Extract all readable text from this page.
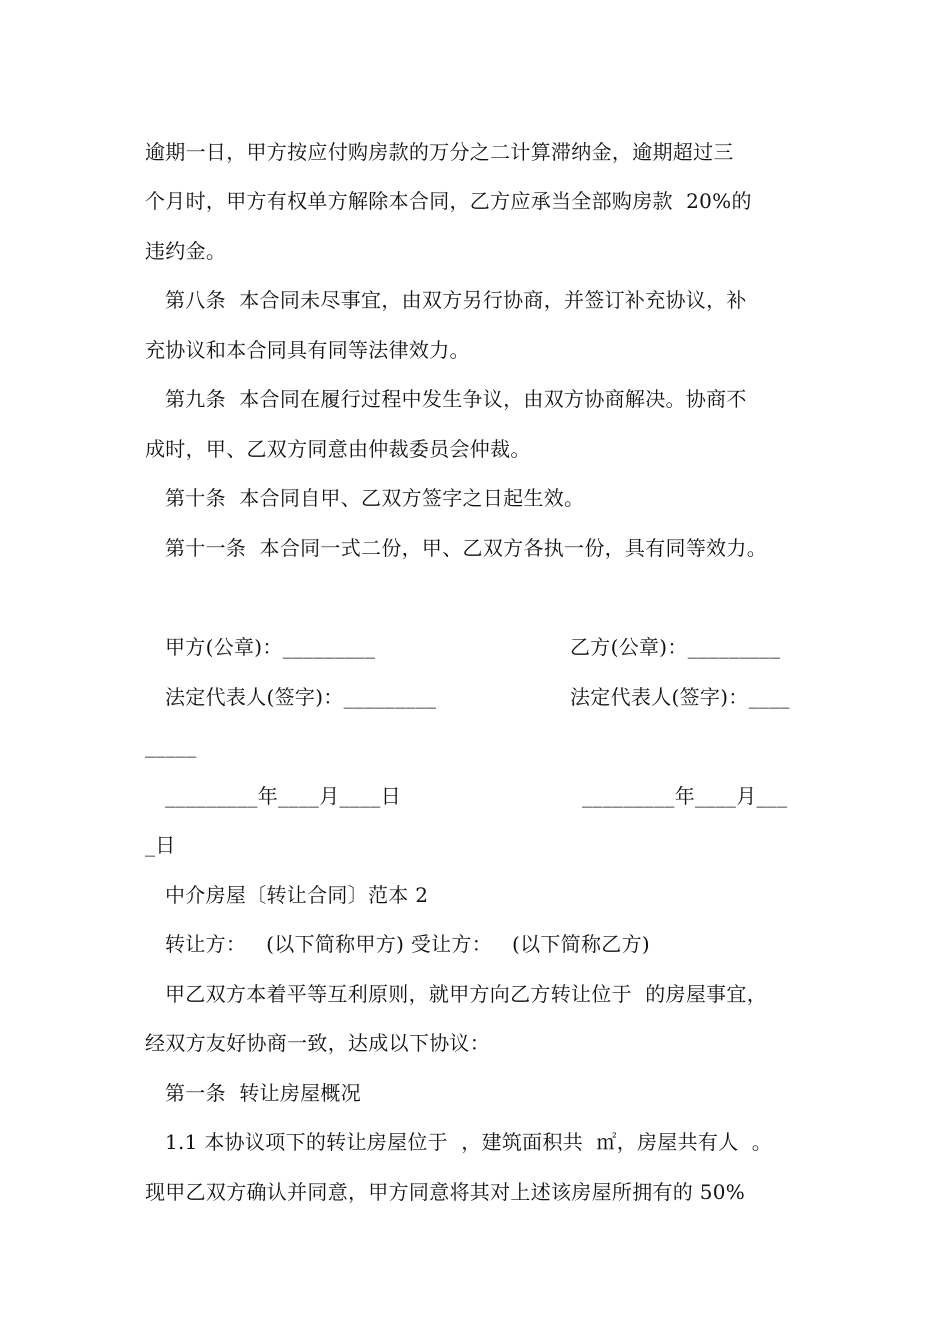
逾期一日，甲方按应付购房款的万分之二计算滞纳金，逾期超过三
个月时，甲方有权单方解除本合同，乙方应承当全部购房款  20%的
违约金。
第八条  本合同未尽事宜，由双方另行协商，并签订补充协议，补
充协议和本合同具有同等法律效力。
第九条  本合同在履行过程中发生争议，由双方协商解决。协商不
成时，甲、乙双方同意由仲裁委员会仲裁。
第十条  本合同自甲、乙双方签字之日起生效。
第十一条  本合同一式二份，甲、乙双方各执一份，具有同等效力。
甲方(公章)：_________	乙方(公章)：_________
法定代表人(签字)：_________	法定代表人(签字)：____
_____
_________年____月____日	_________年____月___
_日
中介房屋〔转让合同〕范本 2
转让方：   (以下简称甲方) 受让方：   (以下简称乙方)
甲乙双方本着平等互利原则，就甲方向乙方转让位于  的房屋事宜，
经双方友好协商一致，达成以下协议：
第一条  转让房屋概况
1.1 本协议项下的转让房屋位于  ，建筑面积共  ㎡，房屋共有人  。
现甲乙双方确认并同意，甲方同意将其对上述该房屋所拥有的 50%
